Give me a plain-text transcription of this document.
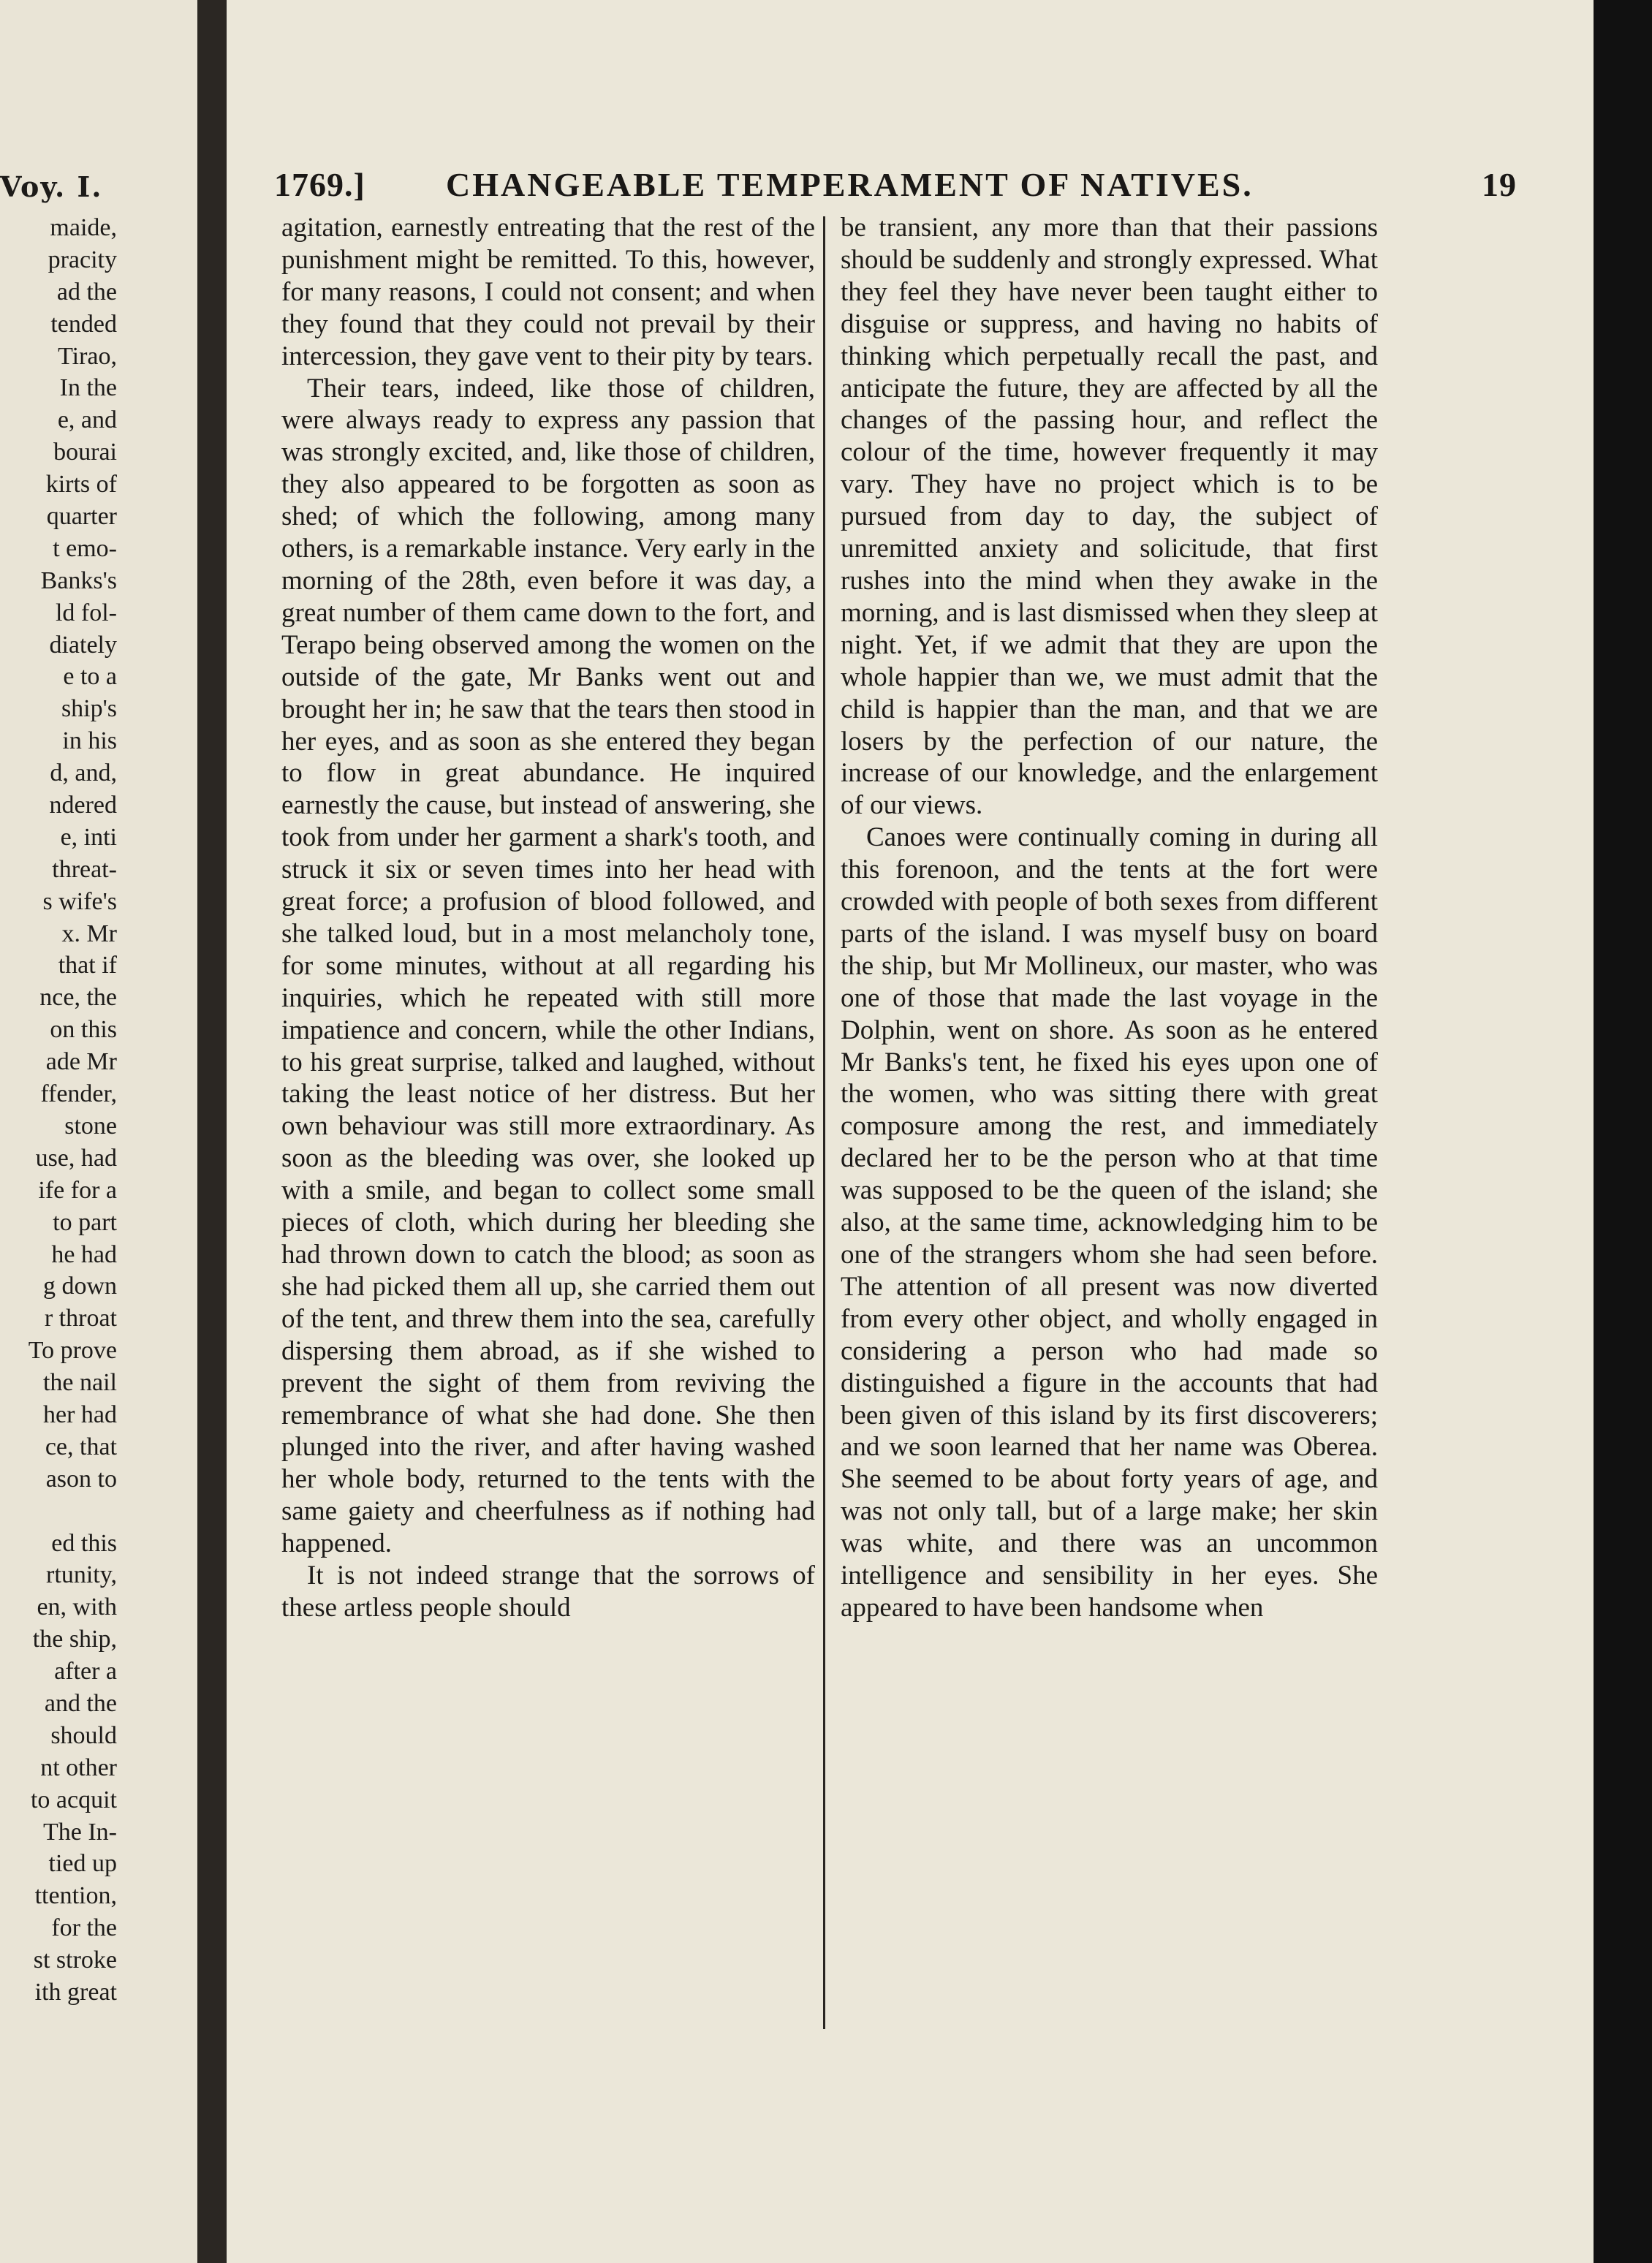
Voy. I.
maide,
pracity
ad the
tended
Tirao,
In the
e, and
bourai
kirts of
quarter
t emo-
Banks's
ld fol-
diately
e to a
ship's
in his
d, and,
ndered
e, inti
threat-
s wife's
x. Mr
that if
nce, the
on this
ade Mr
ffender,
stone
use, had
ife for a
to part
he had
g down
r throat
To prove
the nail
her had
ce, that
ason to
ed this
rtunity,
en, with
the ship,
after a
and the
should
nt other
to acquit
The In-
tied up
ttention,
for the
st stroke
ith great
1769.] CHANGEABLE TEMPERAMENT OF NATIVES.	19

agitation, earnestly entreating that the rest of the punishment might be remitted. To this, however, for many reasons, I could not consent; and when they found that they could not prevail by their intercession, they gave vent to their pity by tears.

Their tears, indeed, like those of children, were always ready to express any passion that was strongly excited, and, like those of children, they also appeared to be forgotten as soon as shed; of which the following, among many others, is a remarkable instance. Very early in the morning of the 28th, even before it was day, a great number of them came down to the fort, and Terapo being observed among the women on the outside of the gate, Mr Banks went out and brought her in; he saw that the tears then stood in her eyes, and as soon as she entered they began to flow in great abundance. He inquired earnestly the cause, but instead of answering, she took from under her garment a shark's tooth, and struck it six or seven times into her head with great force; a profusion of blood followed, and she talked loud, but in a most melancholy tone, for some minutes, without at all regarding his inquiries, which he repeated with still more impatience and concern, while the other Indians, to his great surprise, talked and laughed, without taking the least notice of her distress. But her own behaviour was still more extraordinary. As soon as the bleeding was over, she looked up with a smile, and began to collect some small pieces of cloth, which during her bleeding she had thrown down to catch the blood; as soon as she had picked them all up, she carried them out of the tent, and threw them into the sea, carefully dispersing them abroad, as if she wished to prevent the sight of them from reviving the remembrance of what she had done. She then plunged into the river, and after having washed her whole body, returned to the tents with the same gaiety and cheerfulness as if nothing had happened.

It is not indeed strange that the sorrows of these artless people should

be transient, any more than that their passions should be suddenly and strongly expressed. What they feel they have never been taught either to disguise or suppress, and having no habits of thinking which perpetually recall the past, and anticipate the future, they are affected by all the changes of the passing hour, and reflect the colour of the time, however frequently it may vary. They have no project which is to be pursued from day to day, the subject of unremitted anxiety and solicitude, that first rushes into the mind when they awake in the morning, and is last dismissed when they sleep at night. Yet, if we admit that they are upon the whole happier than we, we must admit that the child is happier than the man, and that we are losers by the perfection of our nature, the increase of our knowledge, and the enlargement of our views.

Canoes were continually coming in during all this forenoon, and the tents at the fort were crowded with people of both sexes from different parts of the island. I was myself busy on board the ship, but Mr Mollineux, our master, who was one of those that made the last voyage in the Dolphin, went on shore. As soon as he entered Mr Banks's tent, he fixed his eyes upon one of the women, who was sitting there with great composure among the rest, and immediately declared her to be the person who at that time was supposed to be the queen of the island; she also, at the same time, acknowledging him to be one of the strangers whom she had seen before. The attention of all present was now diverted from every other object, and wholly engaged in considering a person who had made so distinguished a figure in the accounts that had been given of this island by its first discoverers; and we soon learned that her name was Oberea. She seemed to be about forty years of age, and was not only tall, but of a large make; her skin was white, and there was an uncommon intelligence and sensibility in her eyes. She appeared to have been handsome when
